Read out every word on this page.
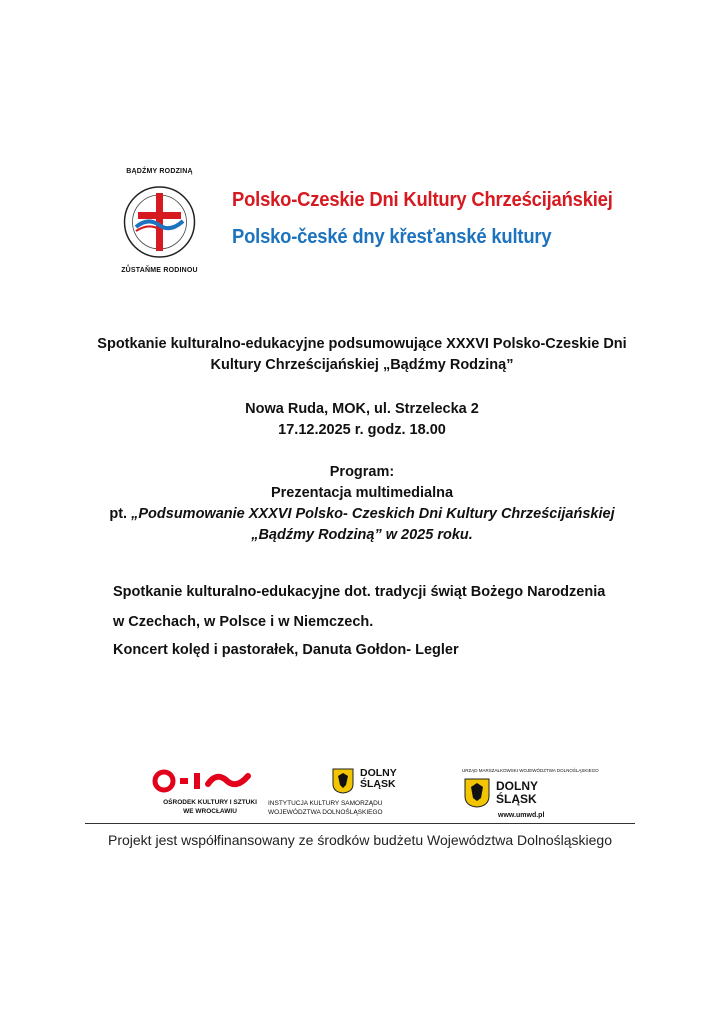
BĄDŹMY RODZINĄ
ZŮSTAŇME RODINOU
Polsko-Czeskie Dni Kultury Chrześcijańskiej
Polsko-české dny křesťanské kultury

Spotkanie kulturalno-edukacyjne podsumowujące XXXVI Polsko-Czeskie Dni

Kultury Chrześcijańskiej „Bądźmy Rodziną”

Nowa Ruda, MOK, ul. Strzelecka 2

17.12.2025 r. godz. 18.00

Program:

Prezentacja multimedialna

pt. „Podsumowanie XXXVI Polsko- Czeskich Dni Kultury Chrześcijańskiej

„Bądźmy Rodziną” w 2025 roku.

Spotkanie kulturalno-edukacyjne dot. tradycji świąt Bożego Narodzenia

w Czechach, w Polsce i w Niemczech.

Koncert kolęd i pastorałek, Danuta Gołdon- Legler

OŚRODEK KULTURY I SZTUKI
WE WROCŁAWIU
DOLNY
ŚLĄSK
INSTYTUCJA KULTURY SAMORZĄDU
WOJEWÓDZTWA DOLNOŚLĄSKIEGO
URZĄD MARSZAŁKOWSKI WOJEWÓDZTWA DOLNOŚLĄSKIEGO
DOLNY
ŚLĄSK
www.umwd.pl
Projekt jest współfinansowany ze środków budżetu Województwa Dolnośląskiego
